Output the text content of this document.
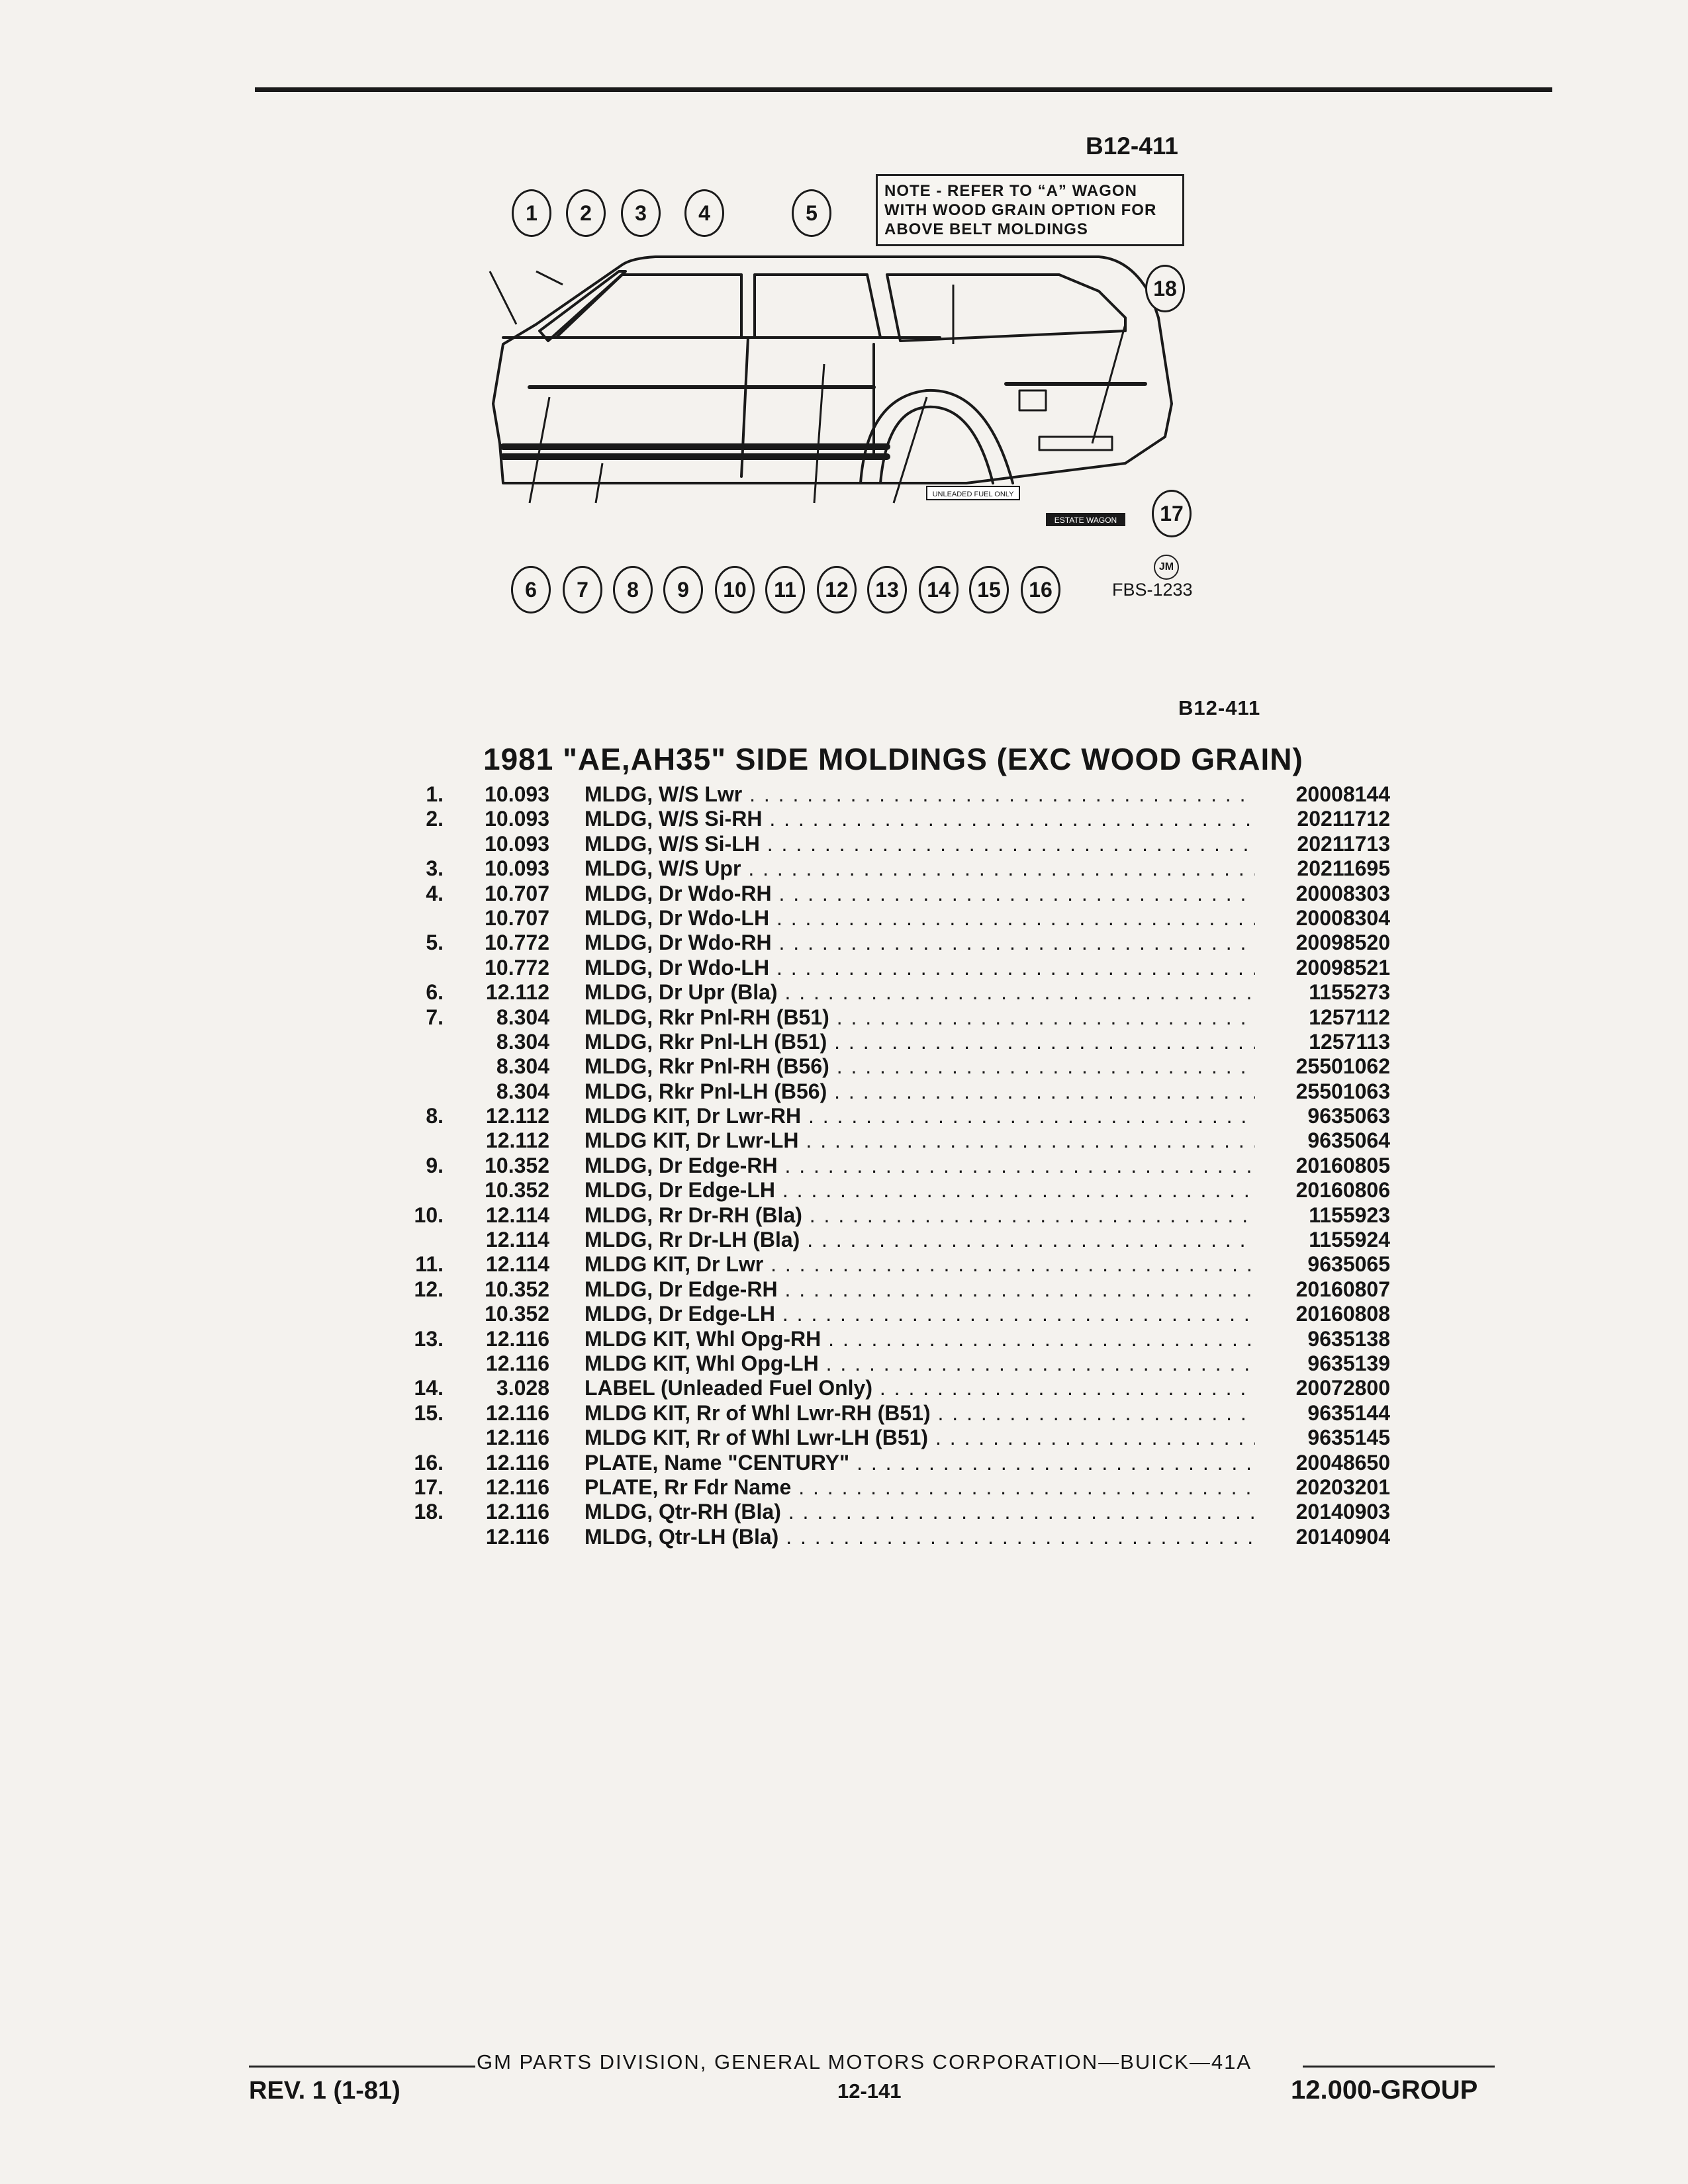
B12-411
NOTE - REFER TO “A” WAGON WITH WOOD GRAIN OPTION FOR ABOVE BELT MOLDINGS
UNLEADED FUEL ONLY
ESTATE WAGON
1	2	3	4	5
6	7	8	9	10	11	12	13	14	15	16
17
18
JM
FBS-1233
B12-411
1981 "AE,AH35" SIDE MOLDINGS (EXC WOOD GRAIN)
1. 10.093 MLDG, W/S Lwr . . .	20008144
2. 10.093 MLDG, W/S Si-RH . . .	20211712
10.093 MLDG, W/S Si-LH . . .	20211713
3. 10.093 MLDG, W/S Upr . . .	20211695
4. 10.707 MLDG, Dr Wdo-RH . . .	20008303
10.707 MLDG, Dr Wdo-LH . . .	20008304
5. 10.772 MLDG, Dr Wdo-RH . . .	20098520
10.772 MLDG, Dr Wdo-LH . . .	20098521
6. 12.112 MLDG, Dr Upr (Bla) . . .	1155273
7. 8.304 MLDG, Rkr Pnl-RH (B51) . . .	1257112
8.304 MLDG, Rkr Pnl-LH (B51) . . .	1257113
8.304 MLDG, Rkr Pnl-RH (B56) . . .	25501062
8.304 MLDG, Rkr Pnl-LH (B56) . . .	25501063
8. 12.112 MLDG KIT, Dr Lwr-RH . . .	9635063
12.112 MLDG KIT, Dr Lwr-LH . . .	9635064
9. 10.352 MLDG, Dr Edge-RH . . .	20160805
10.352 MLDG, Dr Edge-LH . . .	20160806
10. 12.114 MLDG, Rr Dr-RH (Bla) . . .	1155923
12.114 MLDG, Rr Dr-LH (Bla) . . .	1155924
11. 12.114 MLDG KIT, Dr Lwr . . .	9635065
12. 10.352 MLDG, Dr Edge-RH . . .	20160807
10.352 MLDG, Dr Edge-LH . . .	20160808
13. 12.116 MLDG KIT, Whl Opg-RH . . .	9635138
12.116 MLDG KIT, Whl Opg-LH . . .	9635139
14. 3.028 LABEL (Unleaded Fuel Only) . . .	20072800
15. 12.116 MLDG KIT, Rr of Whl Lwr-RH (B51) . . .	9635144
12.116 MLDG KIT, Rr of Whl Lwr-LH (B51) . . .	9635145
16. 12.116 PLATE, Name "CENTURY" . . .	20048650
17. 12.116 PLATE, Rr Fdr Name . . .	20203201
18. 12.116 MLDG, Qtr-RH (Bla) . . .	20140903
12.116 MLDG, Qtr-LH (Bla) . . .	20140904
GM PARTS DIVISION, GENERAL MOTORS CORPORATION—BUICK—41A
REV. 1 (1-81)	12-141	12.000-GROUP
